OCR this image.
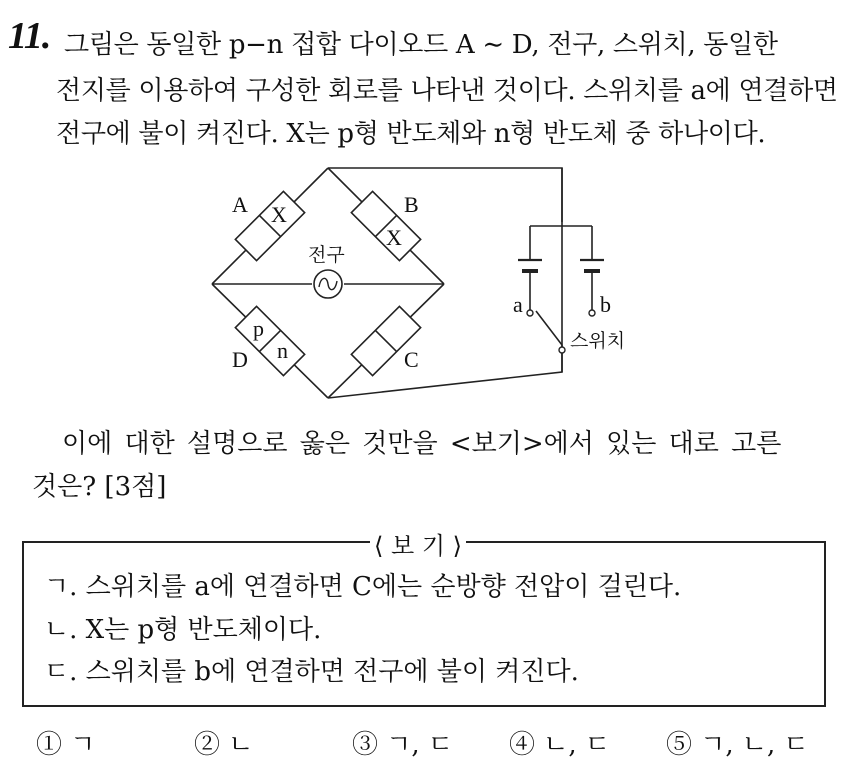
11. 그림은 동일한 p−n 접합 다이오드 A ∼ D, 전구, 스위치, 동일한
전지를 이용하여 구성한 회로를 나타낸 것이다. 스위치를 a에 연결하면
전구에 불이 켜진다. X는 p형 반도체와 n형 반도체 중 하나이다.
A	B
C
D
X
X
p
n
a	b
전구
스위치
이에 대한 설명으로 옳은 것만을 <보기>에서 있는 대로 고른
것은? [3점]
⟨ 보 기 ⟩
ㄱ. 스위치를 a에 연결하면 C에는 순방향 전압이 걸린다.
ㄴ. X는 p형 반도체이다.
ㄷ. 스위치를 b에 연결하면 전구에 불이 켜진다.
① ㄱ	② ㄴ	③ ㄱ, ㄷ ④ ㄴ, ㄷ ⑤ ㄱ, ㄴ, ㄷ
